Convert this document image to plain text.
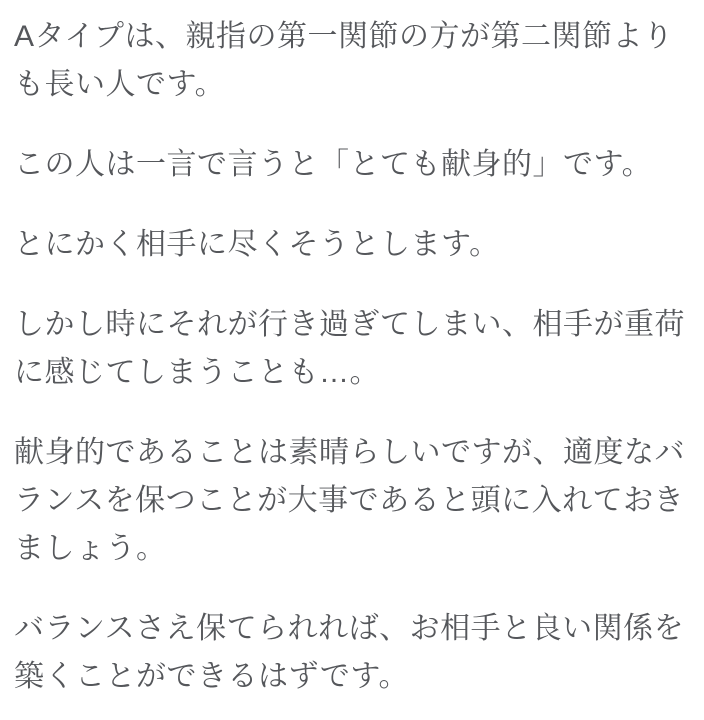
Aタイプは、親指の第一関節の方が第二関節より
も長い人です。

この人は一言で言うと「とても献身的」です。

とにかく相手に尽くそうとします。

しかし時にそれが行き過ぎてしまい、相手が重荷
に感じてしまうことも…。

献身的であることは素晴らしいですが、適度なバ
ランスを保つことが大事であると頭に入れておき
ましょう。

バランスさえ保てられれば、お相手と良い関係を
築くことができるはずです。
